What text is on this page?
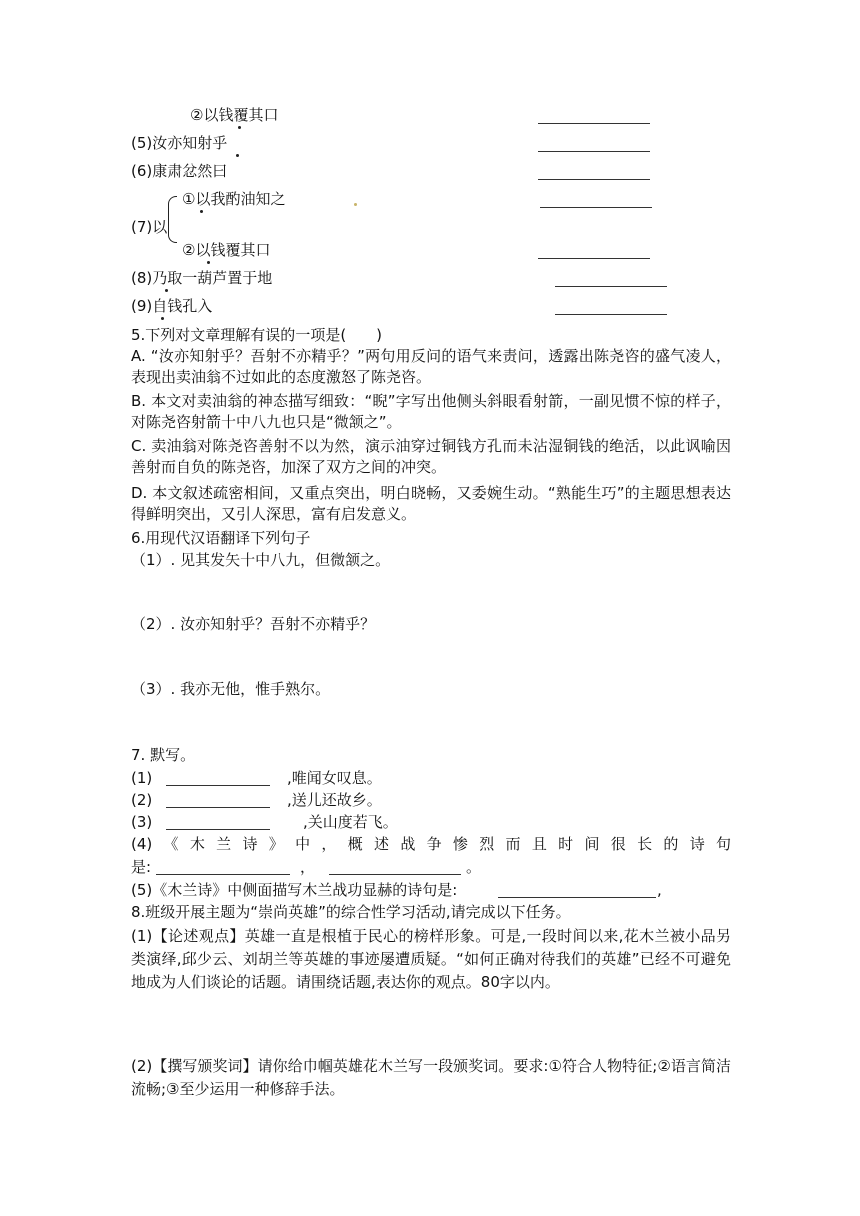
②以钱覆其口
(5)汝亦知射乎
(6)康肃忿然曰
(7)以
①以我酌油知之
②以钱覆其口
(8)乃取一葫芦置于地
(9)自钱孔入
5.下列对文章理解有误的一项是(　　)
A. “汝亦知射乎？吾射不亦精乎？”两句用反问的语气来责问，透露出陈尧咨的盛气凌人，表现出卖油翁不过如此的态度激怒了陈尧咨。
B. 本文对卖油翁的神态描写细致：“睨”字写出他侧头斜眼看射箭，一副见惯不惊的样子，对陈尧咨射箭十中八九也只是“微颔之”。
C. 卖油翁对陈尧咨善射不以为然，演示油穿过铜钱方孔而未沾湿铜钱的绝活，以此讽喻因善射而自负的陈尧咨，加深了双方之间的冲突。
D. 本文叙述疏密相间，又重点突出，明白晓畅，又委婉生动。“熟能生巧”的主题思想表达得鲜明突出，又引人深思，富有启发意义。
6.用现代汉语翻译下列句子
（1）. 见其发矢十中八九，但微颔之。
（2）. 汝亦知射乎？吾射不亦精乎？
（3）. 我亦无他，惟手熟尔。
7. 默写。
(1)	,唯闻女叹息。
(2)	,送儿还故乡。
(3)	,关山度若飞。
(4)《木兰诗》中，概述战争惨烈而且时间很长的诗句
是:	，	。
(5)《木兰诗》中侧面描写木兰战功显赫的诗句是:	,
8.班级开展主题为“崇尚英雄”的综合性学习活动,请完成以下任务。
(1)【论述观点】英雄一直是根植于民心的榜样形象。可是,一段时间以来,花木兰被小品另类演绎,邱少云、刘胡兰等英雄的事迹屡遭质疑。“如何正确对待我们的英雄”已经不可避免地成为人们谈论的话题。请围绕话题,表达你的观点。80字以内。
(2)【撰写颁奖词】请你给巾帼英雄花木兰写一段颁奖词。要求:①符合人物特征;②语言简洁流畅;③至少运用一种修辞手法。
